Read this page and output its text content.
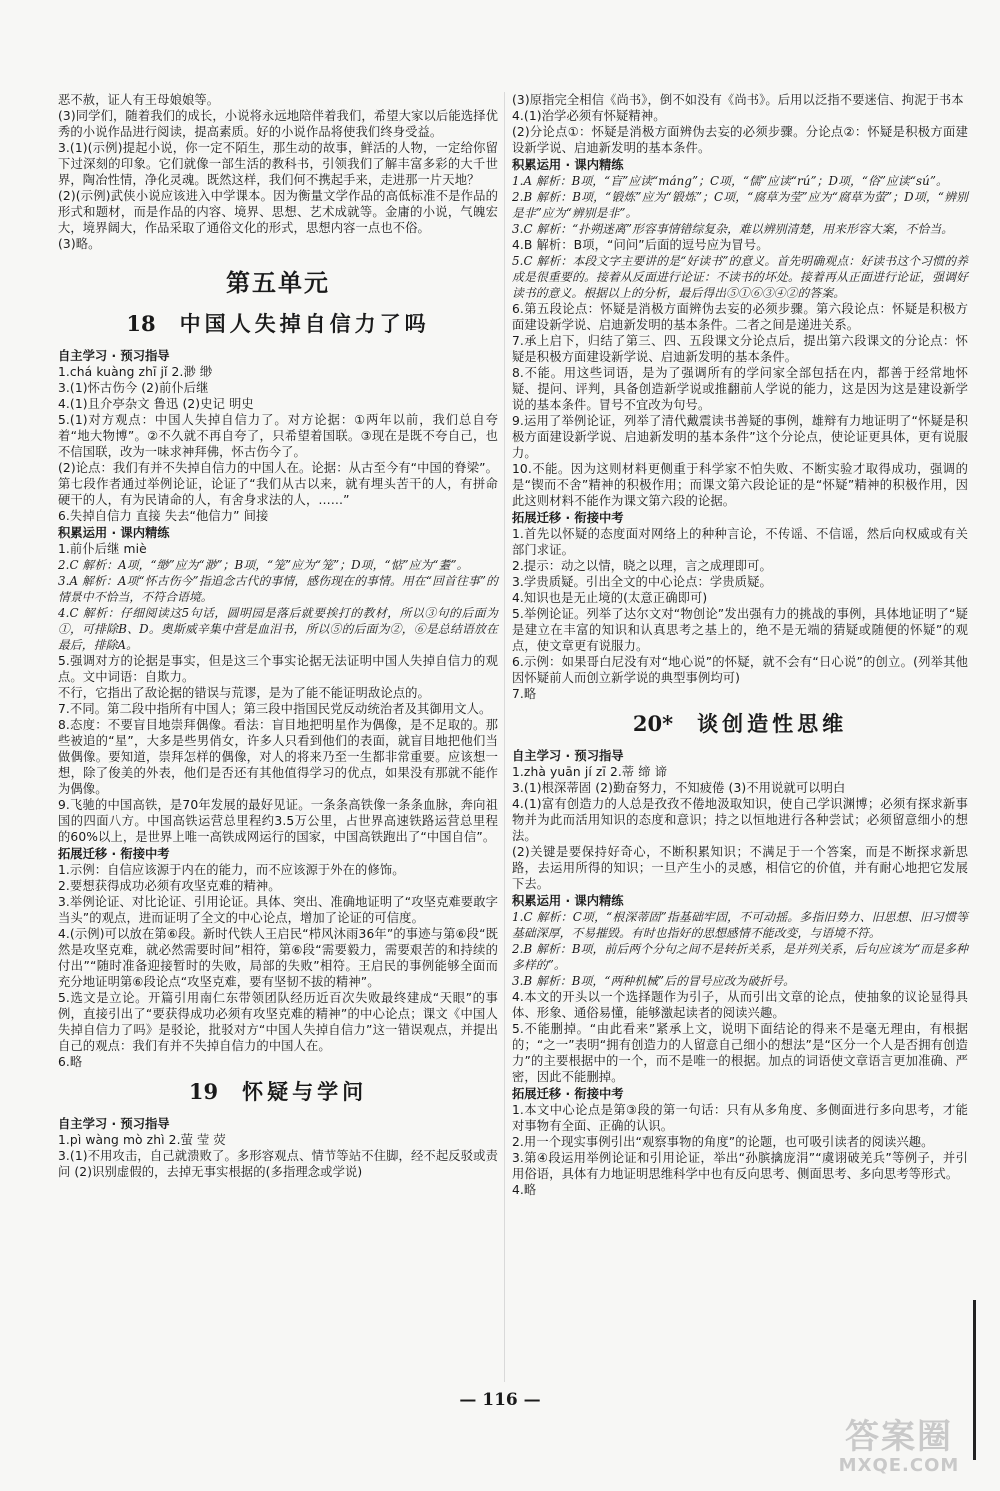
恶不赦，证人有王母娘娘等。

(3)同学们，随着我们的成长，小说将永远地陪伴着我们，希望大家以后能选择优秀的小说作品进行阅读，提高素质。好的小说作品将使我们终身受益。

3.(1)(示例)提起小说，你一定不陌生，那生动的故事，鲜活的人物，一定给你留下过深刻的印象。它们就像一部生活的教科书，引领我们了解丰富多彩的大千世界，陶冶性情，净化灵魂。既然这样，我们何不携起手来，走进那一片天地？

(2)(示例)武侠小说应该进入中学课本。因为衡量文学作品的高低标准不是作品的形式和题材，而是作品的内容、境界、思想、艺术成就等。金庸的小说，气魄宏大，境界阔大，作品采取了通俗文化的形式，思想内容一点也不俗。

(3)略。

第五单元
18 中国人失掉自信力了吗
自主学习 · 预习指导

1.chá kuàng zhī jǐ 2.渺 缈

3.(1)怀古伤今 (2)前仆后继

4.(1)且介亭杂文 鲁迅 (2)史记 明史

5.(1)对方观点：中国人失掉自信力了。对方论据：①两年以前，我们总自夸着“地大物博”。②不久就不再自夸了，只希望着国联。③现在是既不夸自己，也不信国联，改为一味求神拜佛，怀古伤今了。

(2)论点：我们有并不失掉自信力的中国人在。论据：从古至今有“中国的脊梁”。第七段作者通过举例论证，论证了“我们从古以来，就有埋头苦干的人，有拼命硬干的人，有为民请命的人，有舍身求法的人，……”

6.失掉自信力 直接 失去“他信力” 间接

积累运用 · 课内精练

1.前仆后继 miè

2.C 解析：A项，“缈”应为“渺”；B项，“笼”应为“笼”；D项，“惦”应为“耋”。

3.A 解析：A项“怀古伤今”指追念古代的事情，感伤现在的事情。用在“回首往事”的情景中不恰当，不符合语境。

4.C 解析：仔细阅读这5句话，圆明园是落后就要挨打的教材，所以③句的后面为①，可排除B、D。奥斯威辛集中营是血泪书，所以⑤的后面为②，⑥是总结语放在最后，排除A。

5.强调对方的论据是事实，但是这三个事实论据无法证明中国人失掉自信力的观点。文中词语：自欺力。

不行，它指出了敌论据的错误与荒谬，是为了能不能证明敌论点的。

7.不同。第二段中指所有中国人；第三段中指国民党反动统治者及其御用文人。

8.态度：不要盲目地崇拜偶像。看法：盲目地把明星作为偶像，是不足取的。那些被追的“星”，大多是些男俏女，许多人只看到他们的表面，就盲目地把他们当做偶像。要知道，崇拜怎样的偶像，对人的将来乃至一生都非常重要。应该想一想，除了俊美的外表，他们是否还有其他值得学习的优点，如果没有那就不能作为偶像。

9.飞驰的中国高铁，是70年发展的最好见证。一条条高铁像一条条血脉，奔向祖国的四面八方。中国高铁运营总里程约3.5万公里，占世界高速铁路运营总里程的60%以上，是世界上唯一高铁成网运行的国家，中国高铁跑出了“中国自信”。

拓展迁移 · 衔接中考

1.示例：自信应该源于内在的能力，而不应该源于外在的修饰。

2.要想获得成功必须有攻坚克难的精神。

3.举例论证、对比论证、引用论证。具体、突出、准确地证明了“攻坚克难要敢字当头”的观点，进而证明了全文的中心论点，增加了论证的可信度。

4.(示例)可以放在第⑥段。新时代铁人王启民“栉风沐雨36年”的事迹与第⑥段“既然是攻坚克难，就必然需要时间”相符，第⑥段“需要毅力，需要艰苦的和持续的付出”“随时准备迎接暂时的失败，局部的失败”相符。王启民的事例能够全面而充分地证明第⑥段论点“攻坚克难，要有坚韧不拔的精神”。

5.选文是立论。开篇引用南仁东带领团队经历近百次失败最终建成“天眼”的事例，直接引出了“要获得成功必须有攻坚克难的精神”的中心论点；课文《中国人失掉自信力了吗》是驳论，批驳对方“中国人失掉自信力”这一错误观点，并提出自己的观点：我们有并不失掉自信力的中国人在。

6.略

19 怀疑与学问
自主学习 · 预习指导

1.pì wàng mò zhì 2.萤 莹 荧

3.(1)不用攻击，自己就溃败了。多形容观点、情节等站不住脚，经不起反驳或责问 (2)识别虚假的，去掉无事实根据的(多指理念或学说)

(3)原指完全相信《尚书》，倒不如没有《尚书》。后用以泛指不要迷信、拘泥于书本

4.(1)治学必须有怀疑精神。

(2)分论点①：怀疑是消极方面辨伪去妄的必须步骤。分论点②：怀疑是积极方面建设新学说、启迪新发明的基本条件。

积累运用 · 课内精练

1.A 解析：B项，“盲”应读“máng”；C项，“儒”应读“rú”；D项，“俗”应读“sú”。

2.B 解析：B项，“锻炼”应为“锻炼”；C项，“腐草为莹”应为“腐草为萤”；D项，“辨别是非”应为“辨别是非”。

3.C 解析：“扑朔迷离”形容事情错综复杂，难以辨别清楚，用来形容大案，不恰当。

4.B 解析：B项，“问问”后面的逗号应为冒号。

5.C 解析：本段文字主要讲的是“好读书”的意义。首先明确观点：好读书这个习惯的养成是很重要的。接着从反面进行论证：不读书的坏处。接着再从正面进行论证，强调好读书的意义。根据以上的分析，最后得出⑤①⑥③④②的答案。

6.第五段论点：怀疑是消极方面辨伪去妄的必须步骤。第六段论点：怀疑是积极方面建设新学说、启迪新发明的基本条件。二者之间是递进关系。

7.承上启下，归结了第三、四、五段课文分论点后，提出第六段课文的分论点：怀疑是积极方面建设新学说、启迪新发明的基本条件。

8.不能。用这些词语，是为了强调所有的学问家全部包括在内，都善于经常地怀疑、提问、评判，具备创造新学说或推翻前人学说的能力，这是因为这是建设新学说的基本条件。冒号不宜改为句号。

9.运用了举例论证，列举了清代戴震读书善疑的事例，雄辩有力地证明了“怀疑是积极方面建设新学说、启迪新发明的基本条件”这个分论点，使论证更具体，更有说服力。

10.不能。因为这则材料更侧重于科学家不怕失败、不断实验才取得成功，强调的是“锲而不舍”精神的积极作用；而课文第六段论证的是“怀疑”精神的积极作用，因此这则材料不能作为课文第六段的论据。

拓展迁移 · 衔接中考

1.首先以怀疑的态度面对网络上的种种言论，不传谣、不信谣，然后向权威或有关部门求证。

2.提示：动之以情，晓之以理，言之成理即可。

3.学贵质疑。引出全文的中心论点：学贵质疑。

4.知识也是无止境的(太意正确即可)

5.举例论证。列举了达尔文对“物创论”发出强有力的挑战的事例，具体地证明了“疑是建立在丰富的知识和认真思考之基上的，绝不是无端的猜疑或随便的怀疑”的观点，使文章更有说服力。

6.示例：如果哥白尼没有对“地心说”的怀疑，就不会有“日心说”的创立。(列举其他因怀疑前人而创立新学说的典型事例均可)

7.略

20* 谈创造性思维
自主学习 · 预习指导

1.zhà yuān jí zī 2.蒂 缔 谛

3.(1)根深蒂固 (2)勤奋努力，不知疲倦 (3)不用说就可以明白

4.(1)富有创造力的人总是孜孜不倦地汲取知识，使自己学识渊博；必须有探求新事物并为此而活用知识的态度和意识；持之以恒地进行各种尝试；必须留意细小的想法。

(2)关键是要保持好奇心，不断积累知识；不满足于一个答案，而是不断探求新思路，去运用所得的知识；一旦产生小的灵感，相信它的价值，并有耐心地把它发展下去。

积累运用 · 课内精练

1.C 解析：C项，“根深蒂固”指基础牢固，不可动摇。多指旧势力、旧思想、旧习惯等基础深厚，不易摧毁。有时也指好的思想感情不能改变，与语境不符。

2.B 解析：B项，前后两个分句之间不是转折关系，是并列关系，后句应该为“而是多种多样的”。

3.B 解析：B项，“两种机械”后的冒号应改为破折号。

4.本文的开头以一个选择题作为引子，从而引出文章的论点，使抽象的议论显得具体、形象、通俗易懂，能够激起读者的阅读兴趣。

5.不能删掉。“由此看来”紧承上文，说明下面结论的得来不是毫无理由，有根据的；“之一”表明“拥有创造力的人留意自己细小的想法”是“区分一个人是否拥有创造力”的主要根据中的一个，而不是唯一的根据。加点的词语使文章语言更加准确、严密，因此不能删掉。

拓展迁移 · 衔接中考

1.本文中心论点是第③段的第一句话：只有从多角度、多侧面进行多向思考，才能对事物有全面、正确的认识。

2.用一个现实事例引出“观察事物的角度”的论题，也可吸引读者的阅读兴趣。

3.第④段运用举例论证和引用论证，举出“孙膑擒庞涓”“虞诩破羌兵”等例子，并引用俗语，具体有力地证明思维科学中也有反向思考、侧面思考、多向思考等形式。

4.略

— 116 —
答案圈
MXQE.COM
